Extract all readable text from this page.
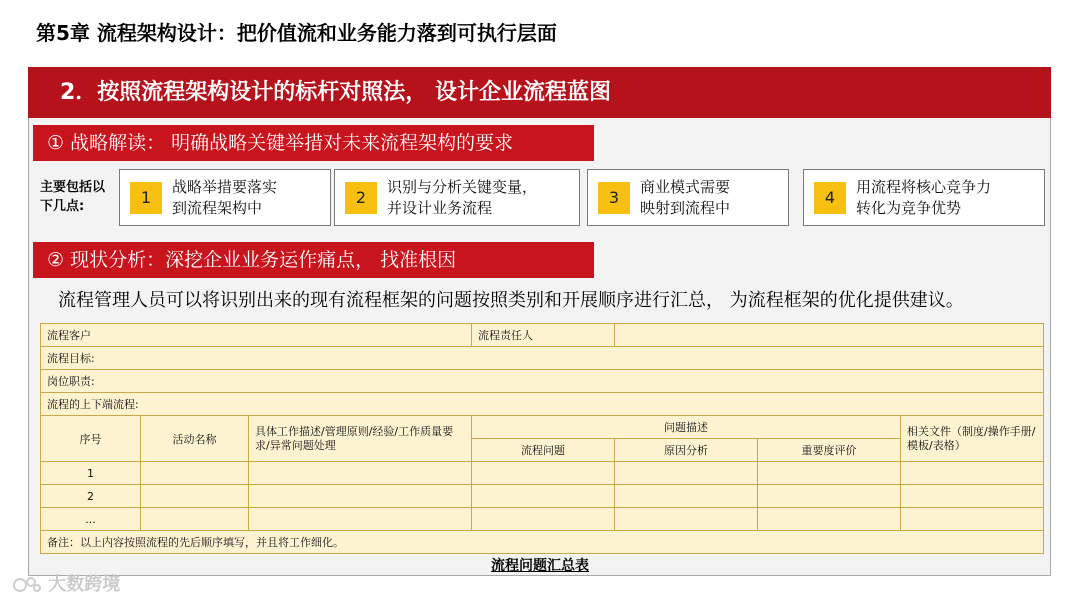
第5章 流程架构设计：把价值流和业务能力落到可执行层面
2．按照流程架构设计的标杆对照法， 设计企业流程蓝图
① 战略解读： 明确战略关键举措对未来流程架构的要求
主要包括以下几点:	1
战略举措要落实
到流程架构中
2
识别与分析关键变量，
并设计业务流程
3
商业模式需要
映射到流程中
4
用流程将核心竞争力
转化为竞争优势
② 现状分析：深挖企业业务运作痛点， 找准根因
流程管理人员可以将识别出来的现有流程框架的问题按照类别和开展顺序进行汇总， 为流程框架的优化提供建议。
流程客户			流程责任人			
流程目标:						
岗位职责:						
流程的上下端流程:						
序号	活动名称	具体工作描述/管理原则/经验/工作质量要求/异常问题处理	问题描述			相关文件（制度/操作手册/模板/表格）
			流程问题	原因分析	重要度评价	
1						
2						
...						
备注：以上内容按照流程的先后顺序填写，并且将工作细化。						
流程问题汇总表
大数跨境
